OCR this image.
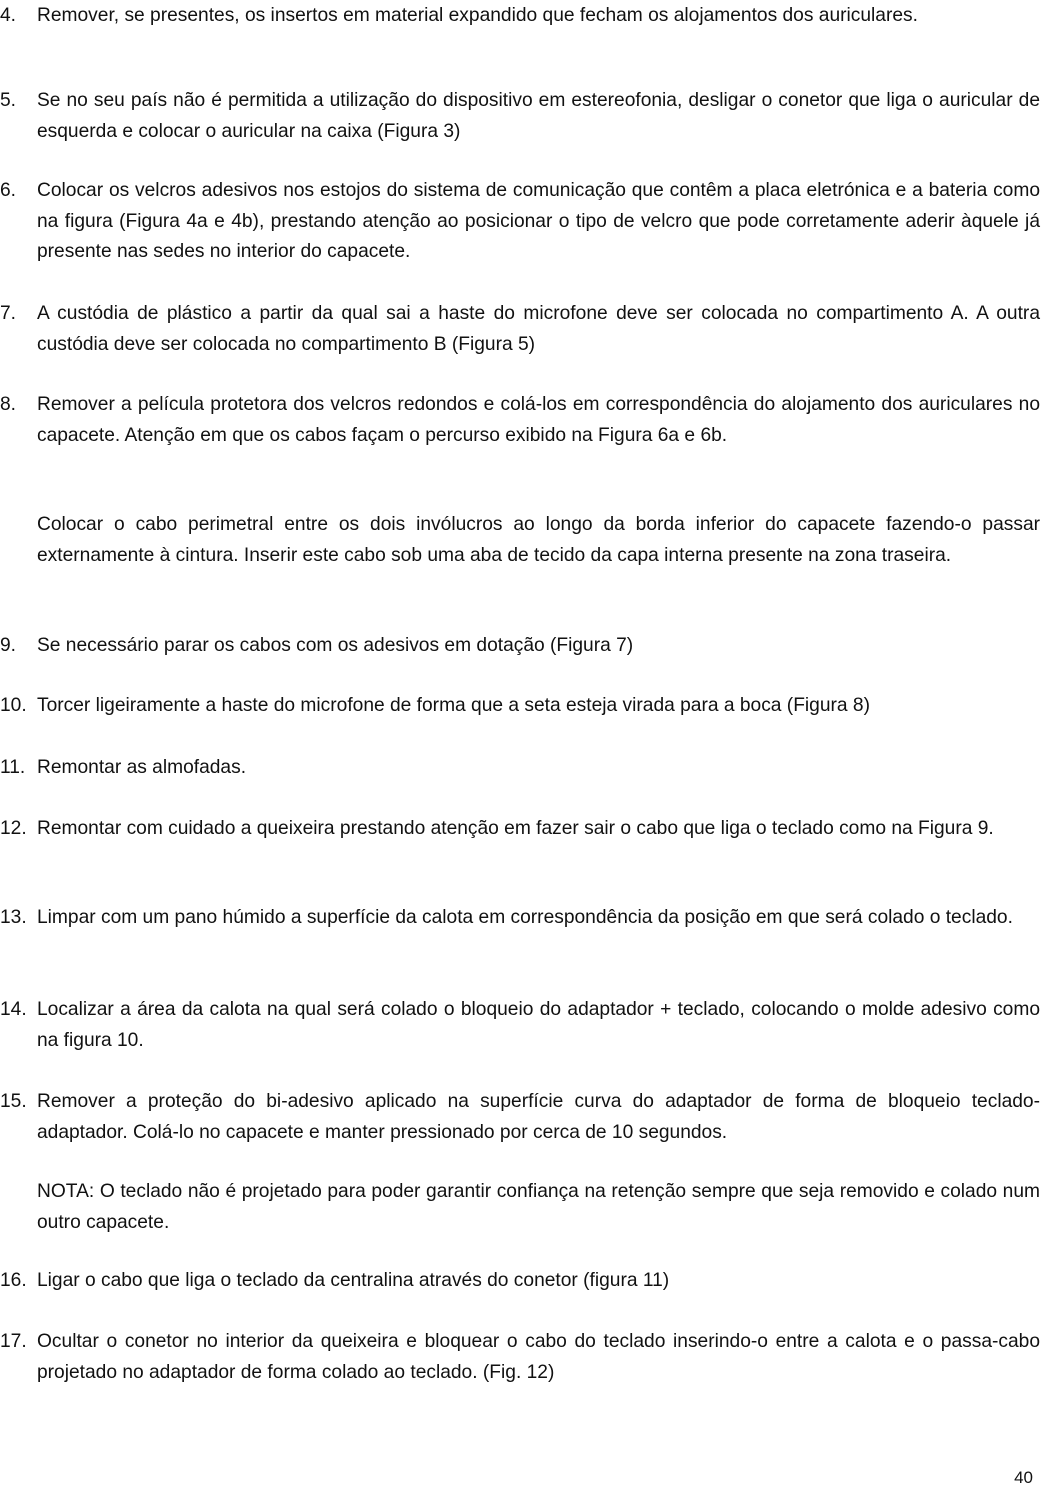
4.	Remover, se presentes, os insertos em material expandido que fecham os alojamentos dos auriculares.
5.	Se no seu país não é permitida a utilização do dispositivo em estereofonia, desligar o conetor que liga o auricular de esquerda e colocar o auricular na caixa (Figura 3)
6.	Colocar os velcros adesivos nos estojos do sistema de comunicação que contêm a placa eletrónica e a bateria como na figura (Figura 4a e 4b), prestando atenção ao posicionar o tipo de velcro que pode corretamente aderir àquele já presente nas sedes no interior do capacete.
7.	A custódia de plástico a partir da qual sai a haste do microfone deve ser colocada no compartimento A. A outra custódia deve ser colocada no compartimento B (Figura 5)
8.	Remover a película protetora dos velcros redondos e colá-los em correspondência do alojamento dos auriculares no capacete. Atenção em que os cabos façam o percurso exibido na Figura 6a e 6b.
Colocar o cabo perimetral entre os dois invólucros ao longo da borda inferior do capacete fazendo-o passar externamente à cintura. Inserir este cabo sob uma aba de tecido da capa interna presente na zona traseira.
9.	Se necessário parar os cabos com os adesivos em dotação (Figura 7)
10. Torcer ligeiramente a haste do microfone de forma que a seta esteja virada para a boca (Figura 8)
11. Remontar as almofadas.
12. Remontar com cuidado a queixeira prestando atenção em fazer sair o cabo que liga o teclado como na Figura 9.
13. Limpar com um pano húmido a superfície da calota em correspondência da posição em que será colado o teclado.
14. Localizar a área da calota na qual será colado o bloqueio do adaptador + teclado, colocando o molde adesivo como na figura 10.
15. Remover a proteção do bi-adesivo aplicado na superfície curva do adaptador de forma de bloqueio teclado-adaptador. Colá-lo no capacete e manter pressionado por cerca de 10 segundos.
NOTA: O teclado não é projetado para poder garantir confiança na retenção sempre que seja removido e colado num outro capacete.
16. Ligar o cabo que liga o teclado da centralina através do conetor (figura 11)
17. Ocultar o conetor no interior da queixeira e bloquear o cabo do teclado inserindo-o entre a calota e o passa-cabo projetado no adaptador de forma colado ao teclado. (Fig. 12)
40
